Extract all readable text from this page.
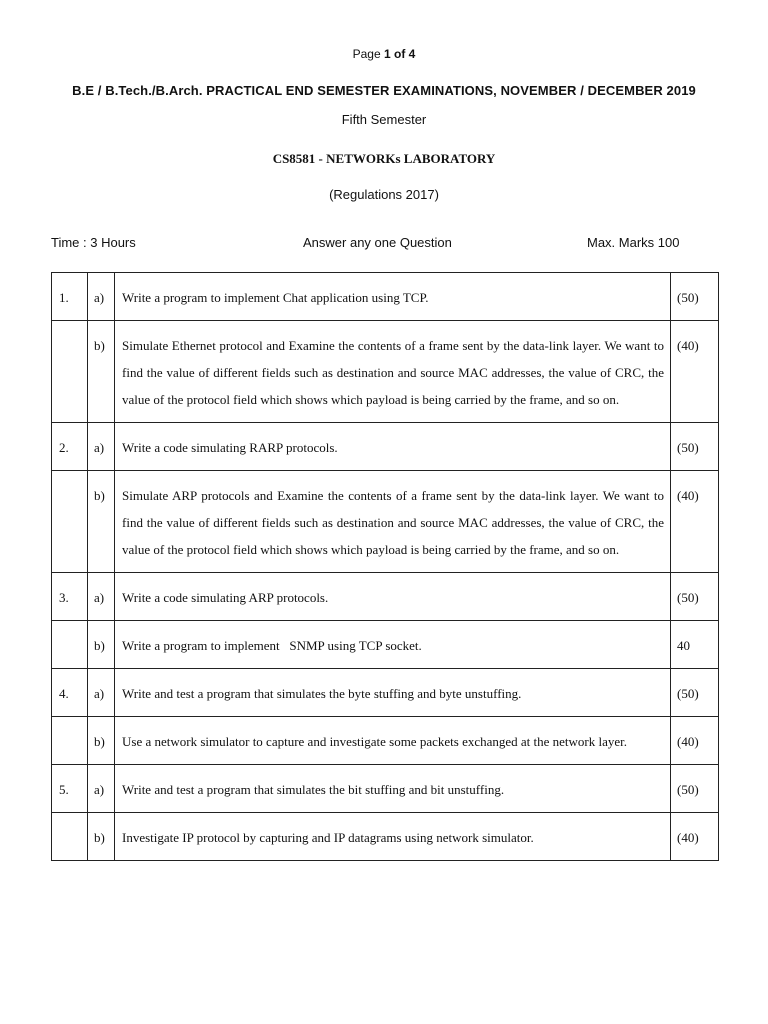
Page 1 of 4
B.E / B.Tech./B.Arch. PRACTICAL END SEMESTER EXAMINATIONS, NOVEMBER / DECEMBER 2019
Fifth Semester
CS8581 - NETWORKs LABORATORY
(Regulations 2017)
Time : 3 Hours	Answer any one Question	Max. Marks 100
1.	a)	Write a program to implement Chat application using TCP.	(50)
	b)	Simulate Ethernet protocol and Examine the contents of a frame sent by the data-link layer. We want to find the value of different fields such as destination and source MAC addresses, the value of CRC, the value of the protocol field which shows which payload is being carried by the frame, and so on.	(40)
2.	a)	Write a code simulating RARP protocols.	(50)
	b)	Simulate ARP protocols and Examine the contents of a frame sent by the data-link layer. We want to find the value of different fields such as destination and source MAC addresses, the value of CRC, the value of the protocol field which shows which payload is being carried by the frame, and so on.	(40)
3.	a)	Write a code simulating ARP protocols.	(50)
	b)	Write a program to implement   SNMP using TCP socket.	40
4.	a)	Write and test a program that simulates the byte stuffing and byte unstuffing.	(50)
	b)	Use a network simulator to capture and investigate some packets exchanged at the network layer.	(40)
5.	a)	Write and test a program that simulates the bit stuffing and bit unstuffing.	(50)
	b)	Investigate IP protocol by capturing and IP datagrams using network simulator.	(40)
